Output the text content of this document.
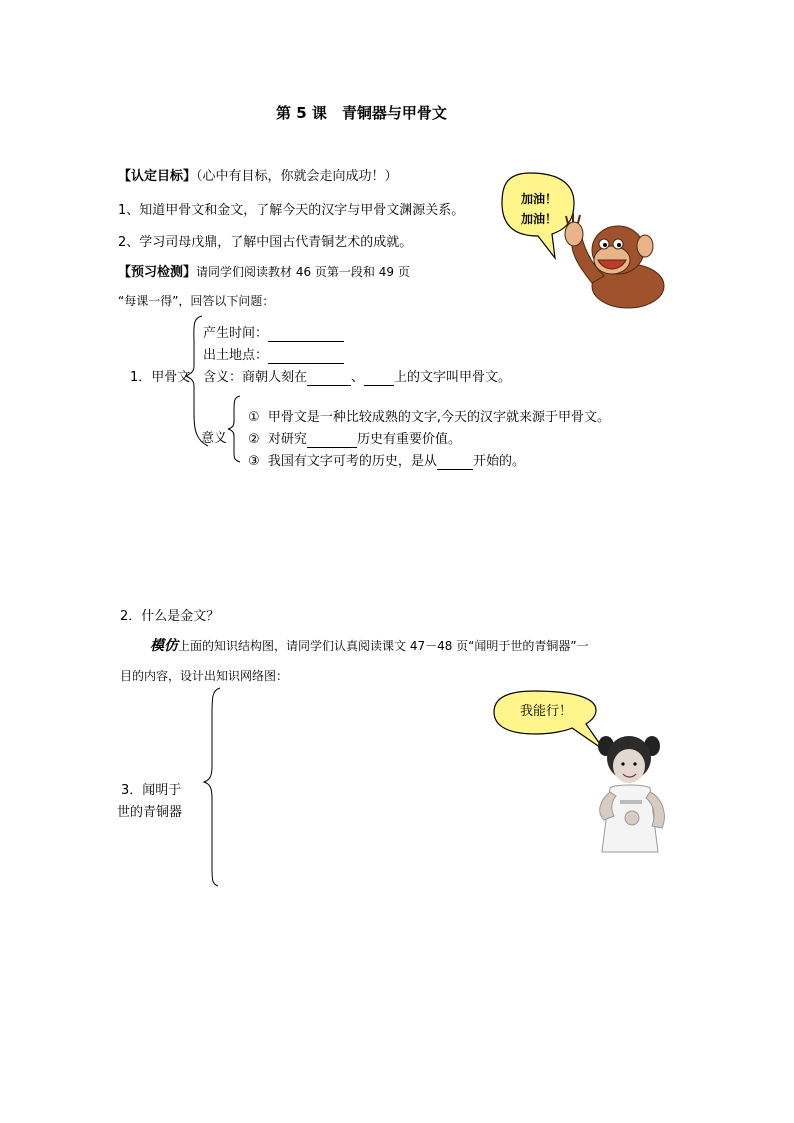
第 5 课　青铜器与甲骨文
【认定目标】（心中有目标，你就会走向成功！）
1、知道甲骨文和金文，了解今天的汉字与甲骨文渊源关系。
2、学习司母戊鼎，了解中国古代青铜艺术的成就。
【预习检测】请同学们阅读教材 46 页第一段和 49 页
“每课一得”，回答以下问题：
加油！
加油！
1．甲骨文
产生时间：
出土地点：
含义：商朝人刻在	、 上的文字叫甲骨文。
意义
① 甲骨文是一种比较成熟的文字,今天的汉字就来源于甲骨文。
② 对研究	历史有重要价值。
③ 我国有文字可考的历史，是从	开始的。
2．什么是金文？
模仿上面的知识结构图，请同学们认真阅读课文 47－48 页“闻明于世的青铜器”一
目的内容，设计出知识网络图：
3．闻明于
世的青铜器
我能行！
